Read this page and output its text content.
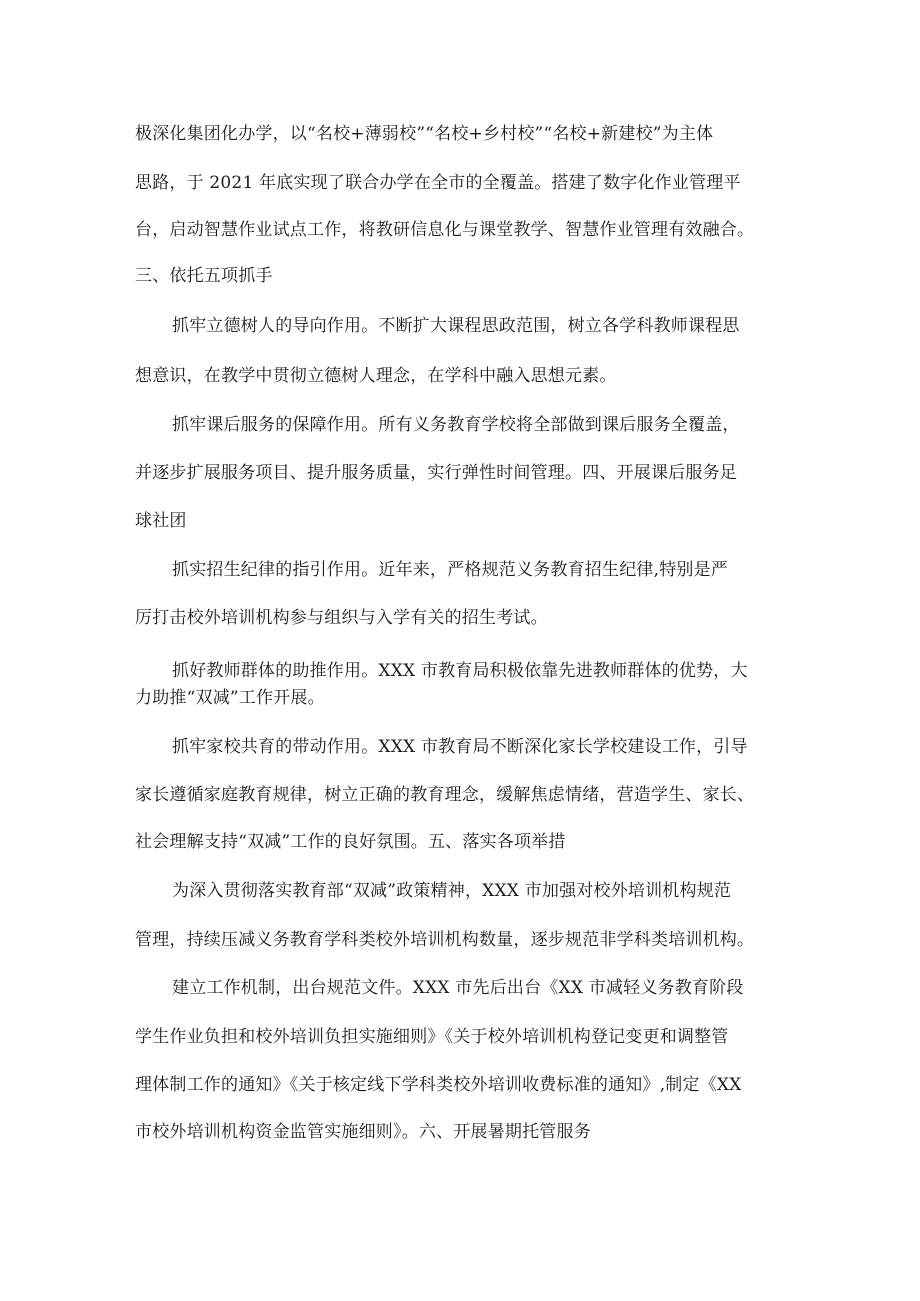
极深化集团化办学，以“名校+薄弱校”“名校+乡村校”“名校+新建校”为主体
思路，于 2021 年底实现了联合办学在全市的全覆盖。搭建了数字化作业管理平
台，启动智慧作业试点工作，将教研信息化与课堂教学、智慧作业管理有效融合。
三、依托五项抓手
抓牢立德树人的导向作用。不断扩大课程思政范围，树立各学科教师课程思
想意识，在教学中贯彻立德树人理念，在学科中融入思想元素。
抓牢课后服务的保障作用。所有义务教育学校将全部做到课后服务全覆盖，
并逐步扩展服务项目、提升服务质量，实行弹性时间管理。四、开展课后服务足
球社团
抓实招生纪律的指引作用。近年来，严格规范义务教育招生纪律,特别是严
厉打击校外培训机构参与组织与入学有关的招生考试。
抓好教师群体的助推作用。XXX 市教育局积极依靠先进教师群体的优势，大
力助推“双减”工作开展。
抓牢家校共育的带动作用。XXX 市教育局不断深化家长学校建设工作，引导
家长遵循家庭教育规律，树立正确的教育理念，缓解焦虑情绪，营造学生、家长、
社会理解支持“双减”工作的良好氛围。五、落实各项举措
为深入贯彻落实教育部“双减”政策精神，XXX 市加强对校外培训机构规范
管理，持续压减义务教育学科类校外培训机构数量，逐步规范非学科类培训机构。
建立工作机制，出台规范文件。XXX 市先后出台《XX 市减轻义务教育阶段
学生作业负担和校外培训负担实施细则》《关于校外培训机构登记变更和调整管
理体制工作的通知》《关于核定线下学科类校外培训收费标准的通知》,制定《XX
市校外培训机构资金监管实施细则》。六、开展暑期托管服务
